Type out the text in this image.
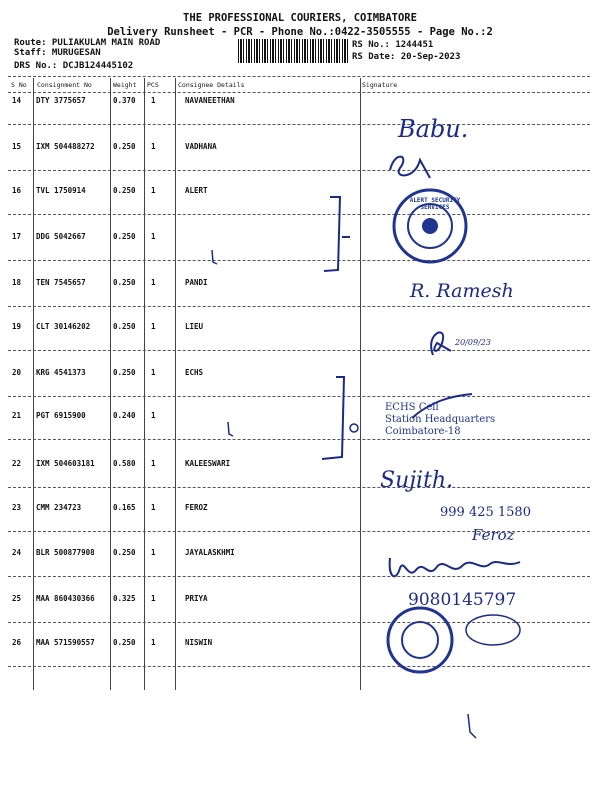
THE PROFESSIONAL COURIERS, COIMBATORE
Delivery Runsheet - PCR - Phone No.:0422-3505555 - Page No.:2
Route: PULIAKULAM MAIN ROAD
Staff: MURUGESAN
DRS No.: DCJB124445102
RS No.: 1244451
RS Date: 20-Sep-2023
S No Consignment No	Weight PCS	Consignee Details	Signature
14 DTY 3775657	0.370 1	NAVANEETHAN
15 IXM 504488272 0.250 1	VADHANA
16 TVL 1750914	0.250 1	ALERT
17 DDG 5042667	0.250 1
18 TEN 7545657	0.250 1	PANDI
19 CLT 30146202	0.250 1	LIEU
20 KRG 4541373	0.250 1	ECHS
21 PGT 6915900	0.240 1
22 IXM 504603181 0.580 1	KALEESWARI
23 CMM 234723	0.165 1	FEROZ
24 BLR 500877908 0.250 1	JAYALASKHMI
25 MAA 860430366 0.325 1	PRIYA
26 MAA 571590557 0.250 1	NISWIN
Babu.
ALERT SECURITY SERVICES
R. Ramesh
20/09/23
ECHS Cell
Station Headquarters
Coimbatore-18
Sujith.
999 425 1580
Feroz
9080145797
